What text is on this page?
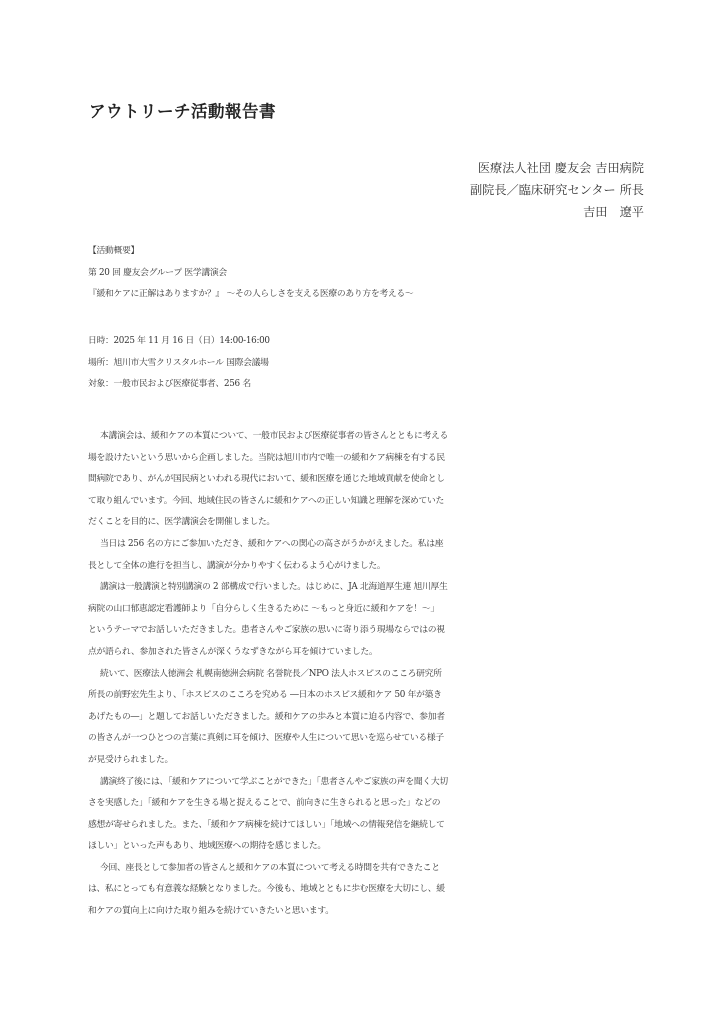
アウトリーチ活動報告書
医療法人社団 慶友会 吉田病院
副院長／臨床研究センター 所長
吉田　遼平
【活動概要】
第 20 回 慶友会グループ 医学講演会
『緩和ケアに正解はありますか？』 ～その人らしさを支える医療のあり方を考える～
日時：2025 年 11 月 16 日（日）14:00-16:00
場所：旭川市大雪クリスタルホール 国際会議場
対象：一般市民および医療従事者、256 名
本講演会は、緩和ケアの本質について、一般市民および医療従事者の皆さんとともに考える
場を設けたいという思いから企画しました。当院は旭川市内で唯一の緩和ケア病棟を有する民
間病院であり、がんが国民病といわれる現代において、緩和医療を通じた地域貢献を使命とし
て取り組んでいます。今回、地域住民の皆さんに緩和ケアへの正しい知識と理解を深めていた
だくことを目的に、医学講演会を開催しました。
当日は 256 名の方にご参加いただき、緩和ケアへの関心の高さがうかがえました。私は座
長として全体の進行を担当し、講演が分かりやすく伝わるよう心がけました。
講演は一般講演と特別講演の 2 部構成で行いました。はじめに、JA 北海道厚生連 旭川厚生
病院の山口郁恵認定看護師より「自分らしく生きるために ～もっと身近に緩和ケアを！～」
というテーマでお話しいただきました。患者さんやご家族の思いに寄り添う現場ならではの視
点が語られ、参加された皆さんが深くうなずきながら耳を傾けていました。
続いて、医療法人徳洲会 札幌南徳洲会病院 名誉院長／NPO 法人ホスピスのこころ研究所
所長の前野宏先生より、「ホスピスのこころを究める ―日本のホスピス緩和ケア 50 年が築き
あげたもの―」と題してお話しいただきました。緩和ケアの歩みと本質に迫る内容で、参加者
の皆さんが一つひとつの言葉に真剣に耳を傾け、医療や人生について思いを巡らせている様子
が見受けられました。
講演終了後には、「緩和ケアについて学ぶことができた」「患者さんやご家族の声を聞く大切
さを実感した」「緩和ケアを生きる場と捉えることで、前向きに生きられると思った」などの
感想が寄せられました。また、「緩和ケア病棟を続けてほしい」「地域への情報発信を継続して
ほしい」といった声もあり、地域医療への期待を感じました。
今回、座長として参加者の皆さんと緩和ケアの本質について考える時間を共有できたこと
は、私にとっても有意義な経験となりました。今後も、地域とともに歩む医療を大切にし、緩
和ケアの質向上に向けた取り組みを続けていきたいと思います。
